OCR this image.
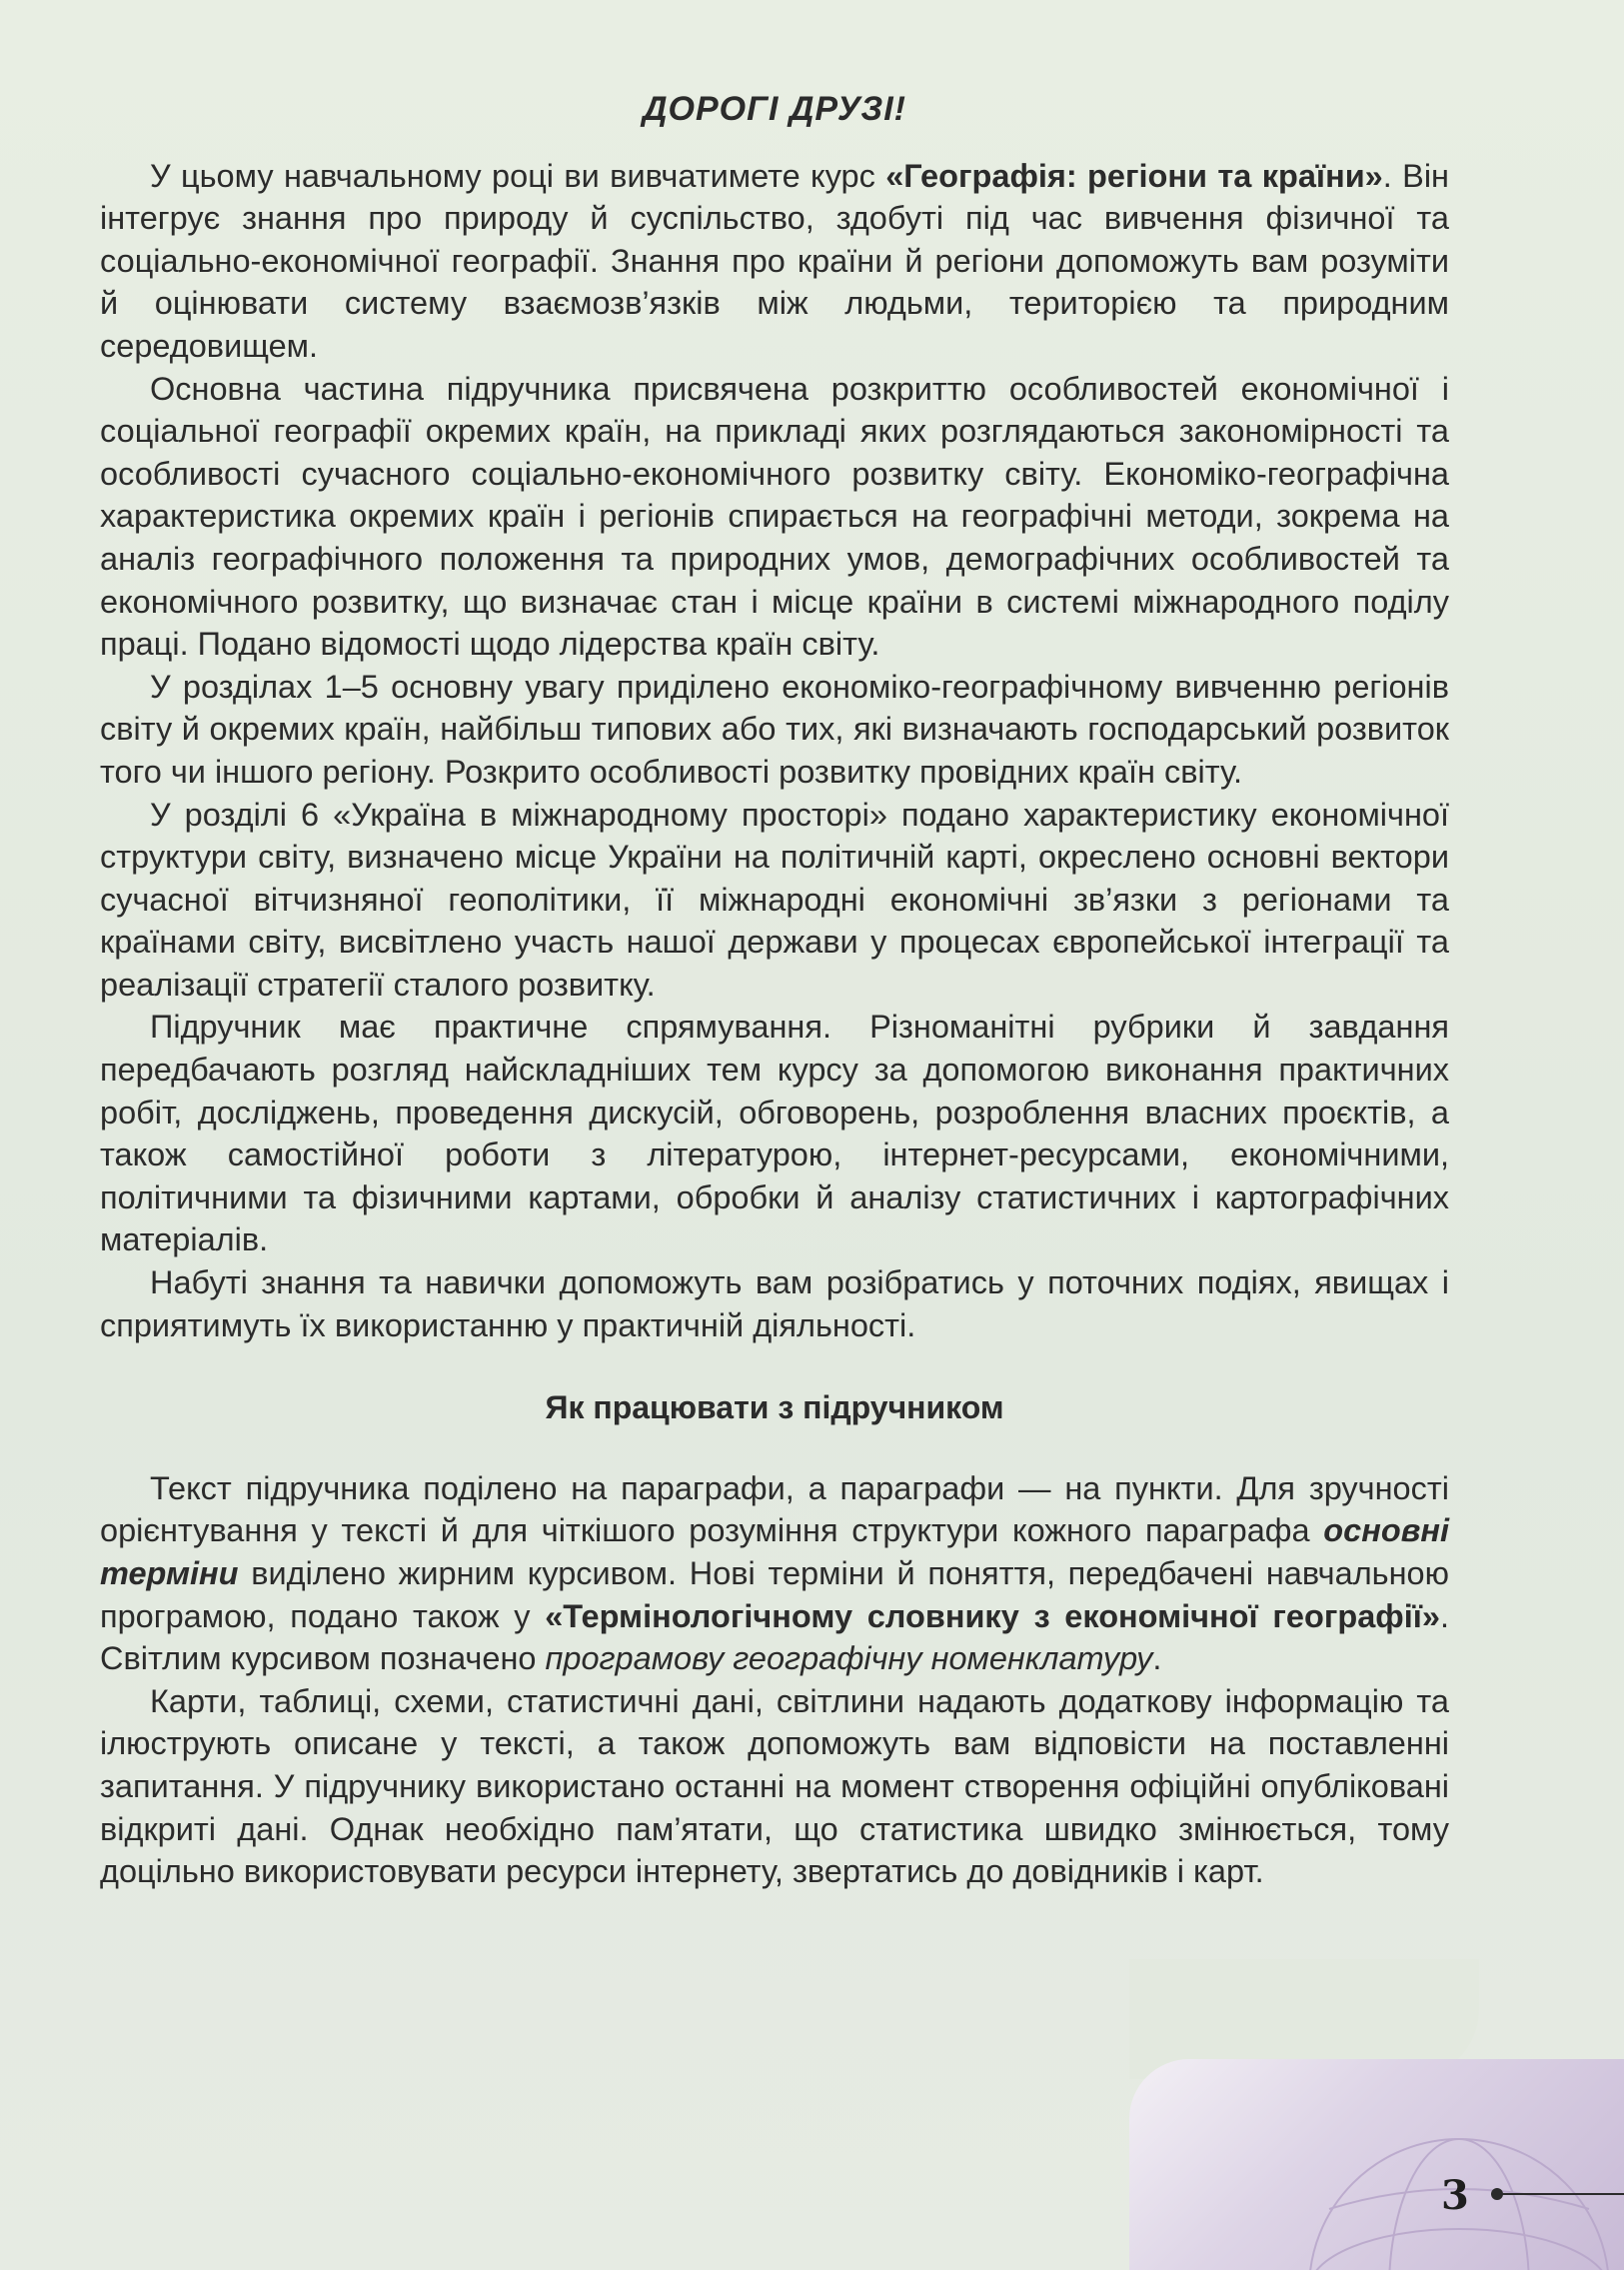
ДОРОГІ ДРУЗІ!

У цьому навчальному році ви вивчатимете курс «Географія: регіони та країни». Він інтегрує знання про природу й суспільство, здобуті під час вивчення фізичної та соціально-економічної географії. Знання про країни й регіони допоможуть вам розуміти й оцінювати систему взаємозв’язків між людьми, територією та природним середовищем.

Основна частина підручника присвячена розкриттю особливостей економічної і соціальної географії окремих країн, на прикладі яких розглядаються закономірності та особливості сучасного соціально-економічного розвитку світу. Економіко-географічна характеристика окремих країн і регіонів спирається на географічні методи, зокрема на аналіз географічного положення та природних умов, демографічних особливостей та економічного розвитку, що визначає стан і місце країни в системі міжнародного поділу праці. Подано відомості щодо лідерства країн світу.

У розділах 1–5 основну увагу приділено економіко-географічному вивченню регіонів світу й окремих країн, найбільш типових або тих, які визначають господарський розвиток того чи іншого регіону. Розкрито особливості розвитку провідних країн світу.

У розділі 6 «Україна в міжнародному просторі» подано характеристику економічної структури світу, визначено місце України на політичній карті, окреслено основні вектори сучасної вітчизняної геополітики, її міжнародні економічні зв’язки з регіонами та країнами світу, висвітлено участь нашої держави у процесах європейської інтеграції та реалізації стратегії сталого розвитку.

Підручник має практичне спрямування. Різноманітні рубрики й завдання передбачають розгляд найскладніших тем курсу за допомогою виконання практичних робіт, досліджень, проведення дискусій, обговорень, розроблення власних проєктів, а також самостійної роботи з літературою, інтернет-ресурсами, економічними, політичними та фізичними картами, обробки й аналізу статистичних і картографічних матеріалів.

Набуті знання та навички допоможуть вам розібратись у поточних подіях, явищах і сприятимуть їх використанню у практичній діяльності.

Як працювати з підручником

Текст підручника поділено на параграфи, а параграфи — на пункти. Для зручності орієнтування у тексті й для чіткішого розуміння структури кожного параграфа основні терміни виділено жирним курсивом. Нові терміни й поняття, передбачені навчальною програмою, подано також у «Термінологічному словнику з економічної географії». Світлим курсивом позначено програмову географічну номенклатуру.

Карти, таблиці, схеми, статистичні дані, світлини надають додаткову інформацію та ілюструють описане у тексті, а також допоможуть вам відповісти на поставленні запитання. У підручнику використано останні на момент створення офіційні опубліковані відкриті дані. Однак необхідно пам’ятати, що статистика швидко змінюється, тому доцільно використовувати ресурси інтернету, звертатись до довідників і карт.

3
